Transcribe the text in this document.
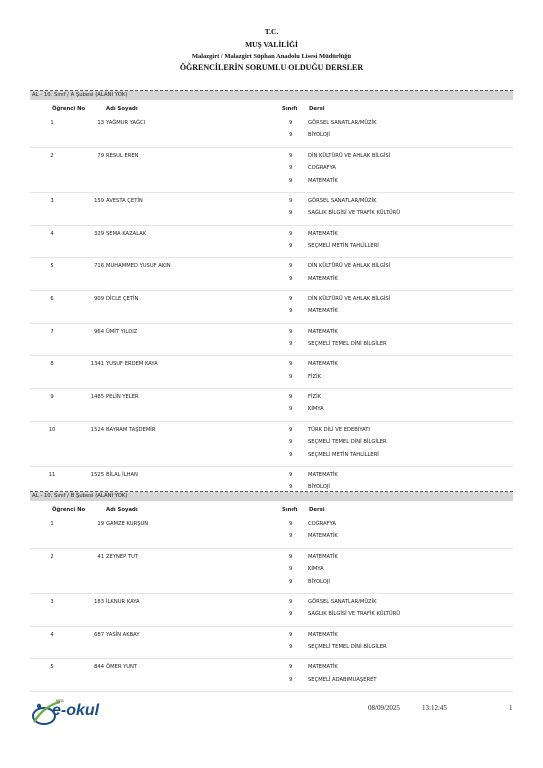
T.C.
MUŞ VALİLİĞİ
Malazgirt / Malazgirt Süphan Anadolu Lisesi Müdürlüğü
ÖĞRENCİLERİN SORUMLU OLDUĞU DERSLER
AL - 10. Sınıf / A Şubesi (ALANI YOK)
Öğrenci No	Adı Soyadı	Sınıfı Dersi
1	13 YAĞMUR YAĞCI	9	GÖRSEL SANATLAR/MÜZİK
9	BİYOLOJİ
2	79 RESUL EREN	9	DİN KÜLTÜRÜ VE AHLAK BİLGİSİ
9	COĞRAFYA
9	MATEMATİK
3	159 AVESTA ÇETİN	9	GÖRSEL SANATLAR/MÜZİK
9	SAĞLIK BİLGİSİ VE TRAFİK KÜLTÜRÜ
4	329 SEMA KAZALAK	9	MATEMATİK
9	SEÇMELİ METİN TAHLİLLERİ
5	716 MUHAMMED YUSUF AKIN	9	DİN KÜLTÜRÜ VE AHLAK BİLGİSİ
9	MATEMATİK
6	909 DİCLE ÇETİN	9	DİN KÜLTÜRÜ VE AHLAK BİLGİSİ
9	MATEMATİK
7	964 ÜMİT YILDIZ	9	MATEMATİK
9	SEÇMELİ TEMEL DİNİ BİLGİLER
8	1341 YUSUF ERDEM KAYA	9	MATEMATİK
9	FİZİK
9	1485 PELİN YELER	9	FİZİK
9	KİMYA
10	1524 BAYRAM TAŞDEMİR	9	TÜRK DİLİ VE EDEBİYATI
9	SEÇMELİ TEMEL DİNİ BİLGİLER
9	SEÇMELİ METİN TAHLİLLERİ
11	1525 BİLAL İLHAN	9	MATEMATİK
9	BİYOLOJİ
AL - 10. Sınıf / B Şubesi (ALANI YOK)
Öğrenci No	Adı Soyadı	Sınıfı Dersi
1	19 GAMZE KURŞUN	9	COĞRAFYA
9	MATEMATİK
2	41 ZEYNEP TUT	9	MATEMATİK
9	KİMYA
9	BİYOLOJİ
3	183 İLKNUR KAYA	9	GÖRSEL SANATLAR/MÜZİK
9	SAĞLIK BİLGİSİ VE TRAFİK KÜLTÜRÜ
4	687 YASİN AKBAY	9	MATEMATİK
9	SEÇMELİ TEMEL DİNİ BİLGİLER
5	844 ÖMER YUNT	9	MATEMATİK
9	SEÇMELİ ADABIMUAŞERET
MEB
e-okul	08/09/2025	13:12:45	1
